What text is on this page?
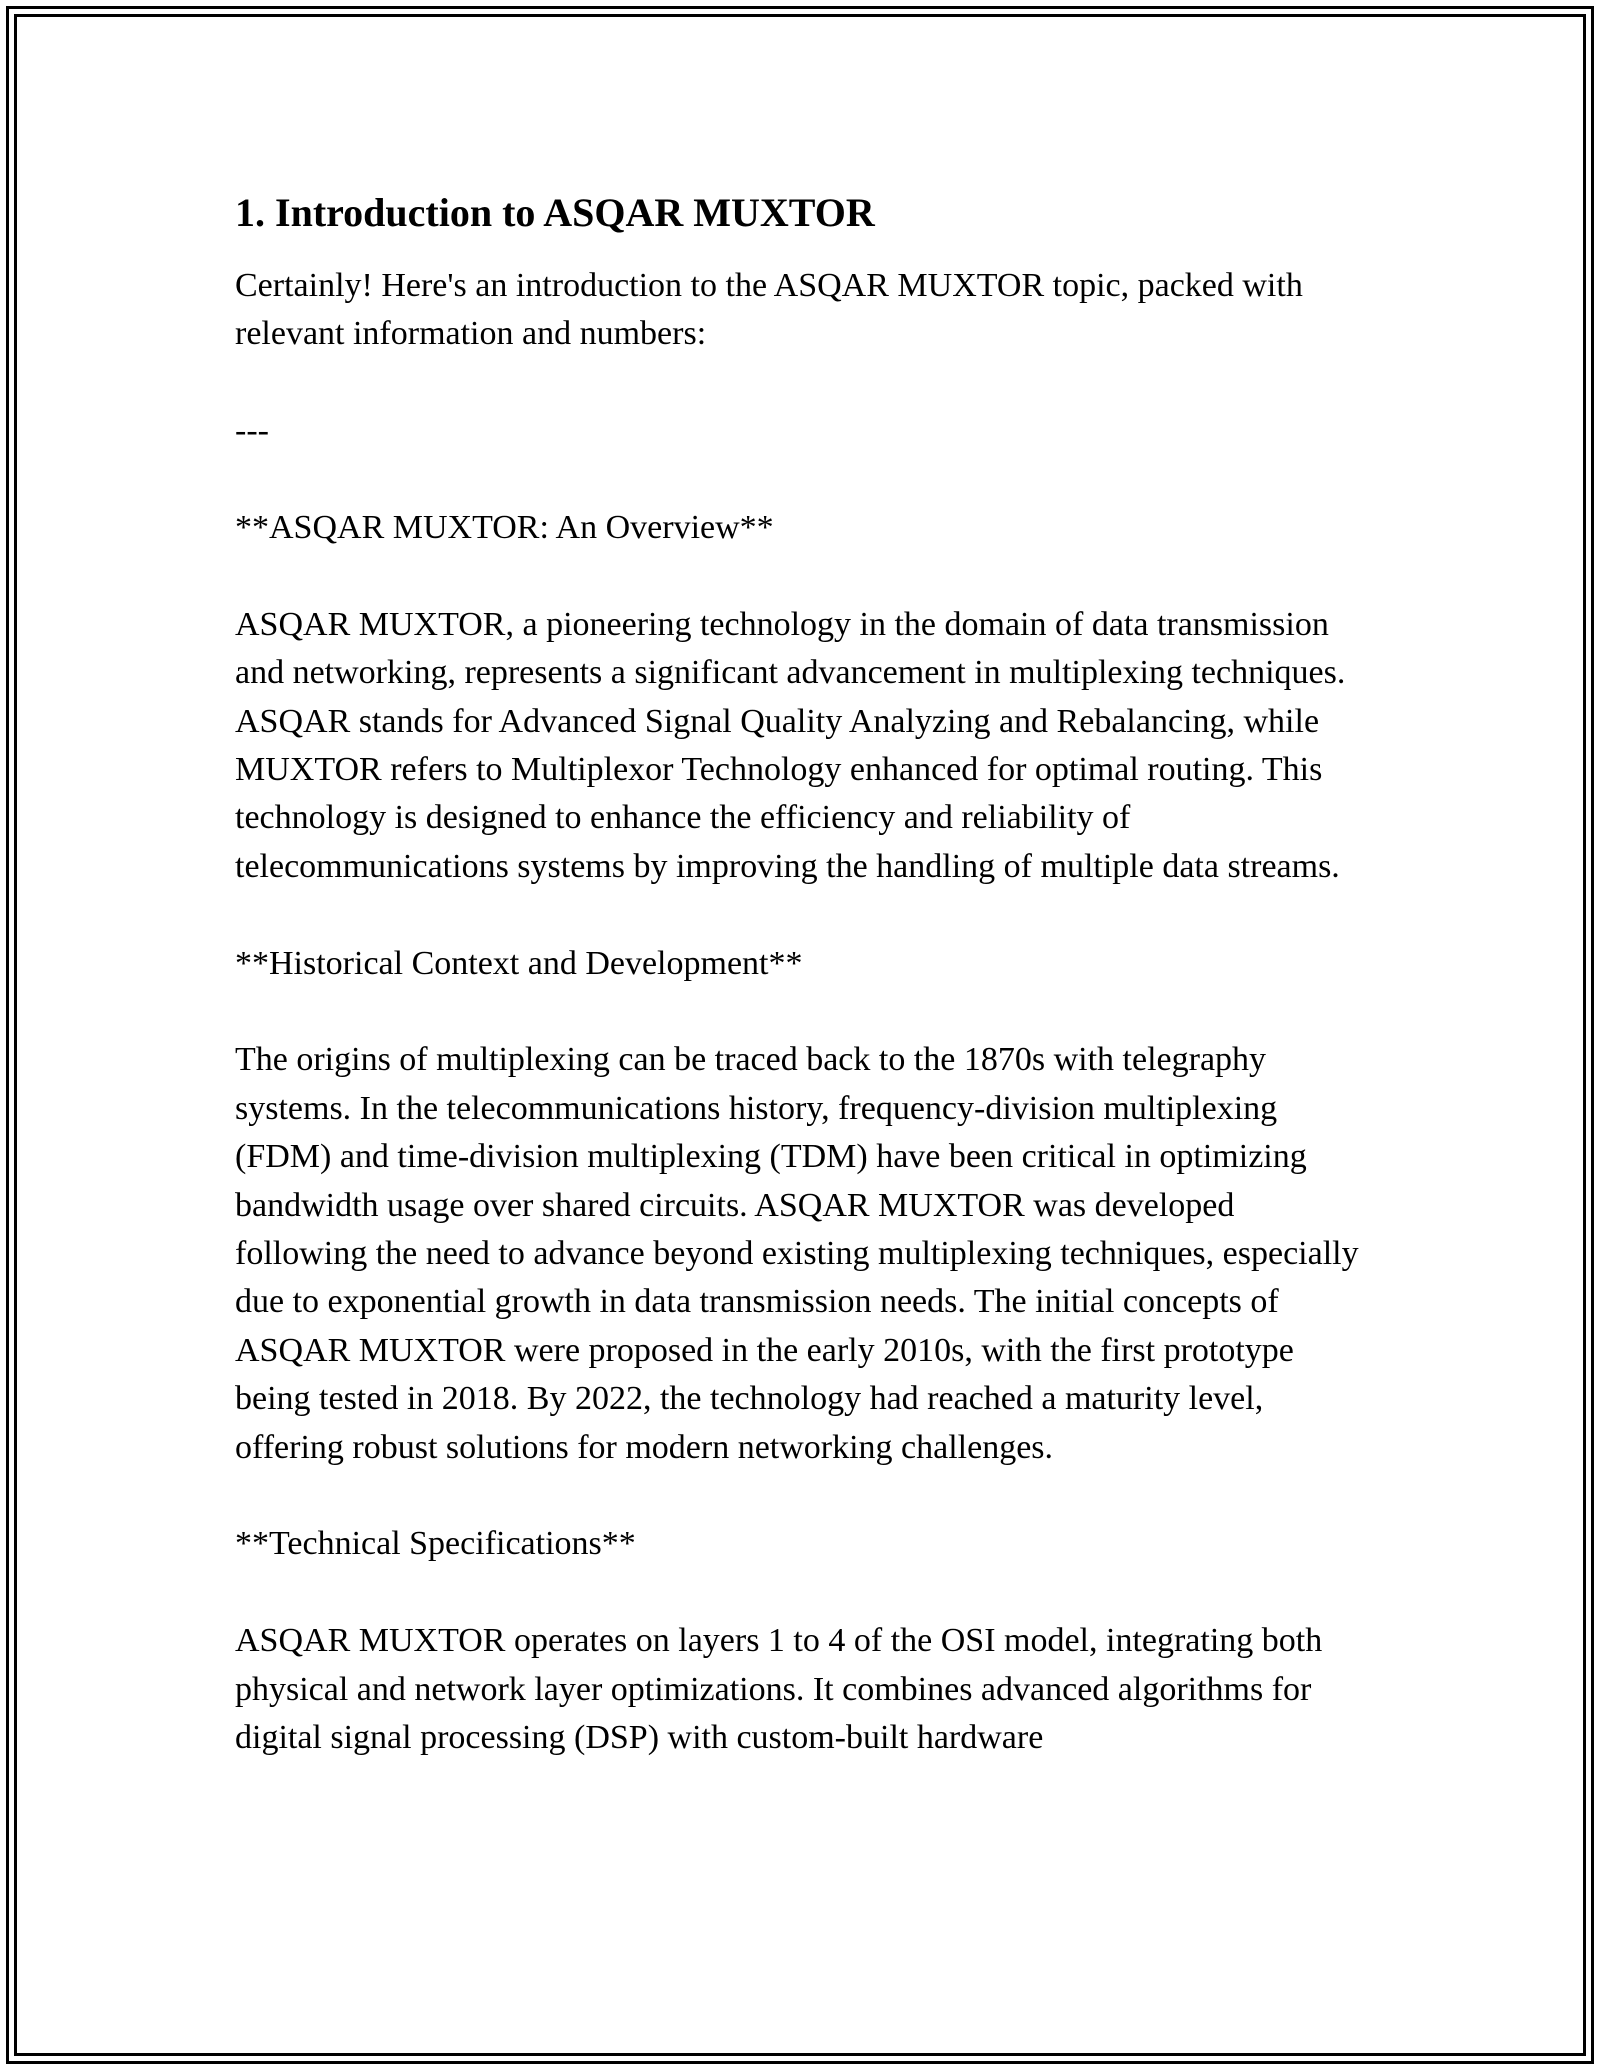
1. Introduction to ASQAR MUXTOR

Certainly! Here's an introduction to the ASQAR MUXTOR topic, packed with relevant information and numbers:

---

**ASQAR MUXTOR: An Overview**

ASQAR MUXTOR, a pioneering technology in the domain of data transmission and networking, represents a significant advancement in multiplexing techniques. ASQAR stands for Advanced Signal Quality Analyzing and Rebalancing, while MUXTOR refers to Multiplexor Technology enhanced for optimal routing. This technology is designed to enhance the efficiency and reliability of telecommunications systems by improving the handling of multiple data streams.

**Historical Context and Development**

The origins of multiplexing can be traced back to the 1870s with telegraphy systems. In the telecommunications history, frequency-division multiplexing (FDM) and time-division multiplexing (TDM) have been critical in optimizing bandwidth usage over shared circuits. ASQAR MUXTOR was developed following the need to advance beyond existing multiplexing techniques, especially due to exponential growth in data transmission needs. The initial concepts of ASQAR MUXTOR were proposed in the early 2010s, with the first prototype being tested in 2018. By 2022, the technology had reached a maturity level, offering robust solutions for modern networking challenges.

**Technical Specifications**

ASQAR MUXTOR operates on layers 1 to 4 of the OSI model, integrating both physical and network layer optimizations. It combines advanced algorithms for digital signal processing (DSP) with custom-built hardware
